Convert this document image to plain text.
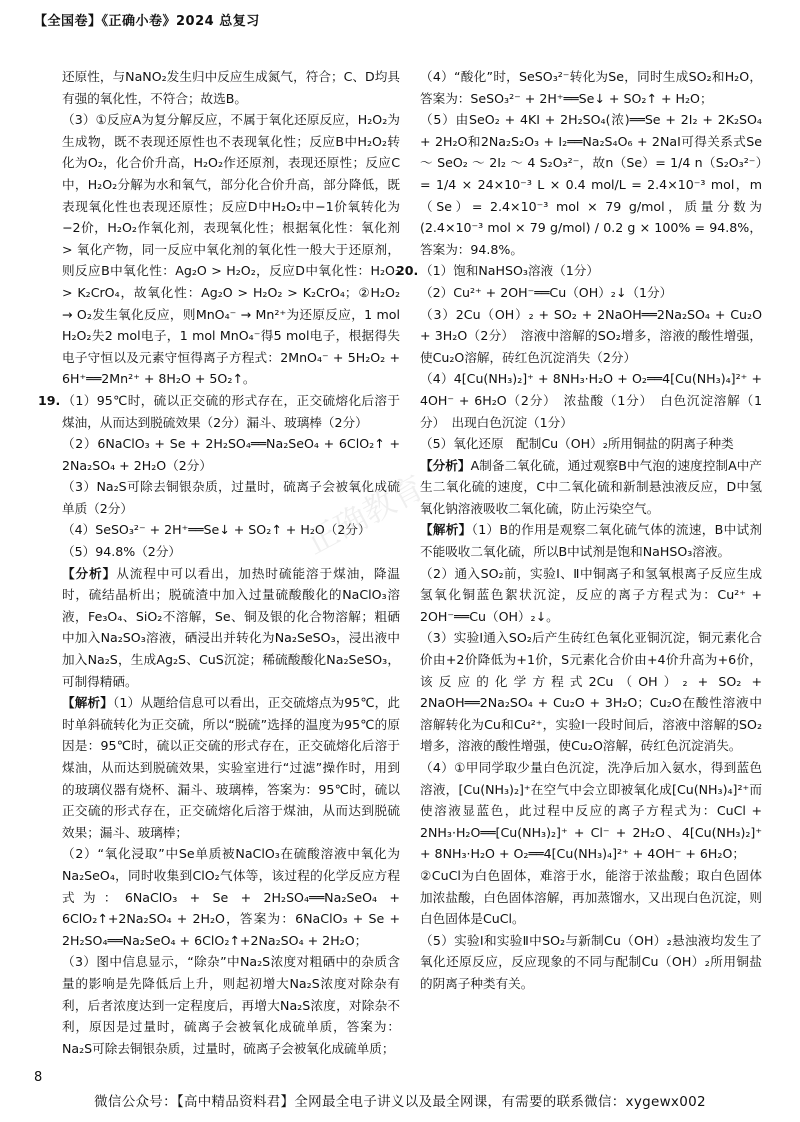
【全国卷】《正确小卷》2024 总复习

还原性，与NaNO₂发生归中反应生成氮气，符合；C、D均具有强的氧化性，不符合；故选B。

（3）①反应A为复分解反应，不属于氧化还原反应，H₂O₂为生成物，既不表现还原性也不表现氧化性；反应B中H₂O₂转化为O₂，化合价升高，H₂O₂作还原剂，表现还原性；反应C中，H₂O₂分解为水和氧气，部分化合价升高，部分降低，既表现氧化性也表现还原性；反应D中H₂O₂中−1价氧转化为−2价，H₂O₂作氧化剂，表现氧化性；根据氧化性：氧化剂 > 氧化产物，同一反应中氧化剂的氧化性一般大于还原剂，则反应B中氧化性：Ag₂O > H₂O₂，反应D中氧化性：H₂O₂ > K₂CrO₄，故氧化性：Ag₂O > H₂O₂ > K₂CrO₄；②H₂O₂ → O₂发生氧化反应，则MnO₄⁻ → Mn²⁺为还原反应，1 mol H₂O₂失2 mol电子，1 mol MnO₄⁻得5 mol电子，根据得失电子守恒以及元素守恒得离子方程式：2MnO₄⁻ + 5H₂O₂ + 6H⁺══2Mn²⁺ + 8H₂O + 5O₂↑。

19. （1）95℃时，硫以正交硫的形式存在，正交硫熔化后溶于煤油，从而达到脱硫效果（2分）漏斗、玻璃棒（2分）

（2）6NaClO₃ + Se + 2H₂SO₄══Na₂SeO₄ + 6ClO₂↑ + 2Na₂SO₄ + 2H₂O（2分）

（3）Na₂S可除去铜银杂质，过量时，硫离子会被氧化成硫单质（2分）

（4）SeSO₃²⁻ + 2H⁺══Se↓ + SO₂↑ + H₂O（2分）

（5）94.8%（2分）

【分析】从流程中可以看出，加热时硫能溶于煤油，降温时，硫结晶析出；脱硫渣中加入过量硫酸酸化的NaClO₃溶液，Fe₃O₄、SiO₂不溶解，Se、铜及银的化合物溶解；粗硒中加入Na₂SO₃溶液，硒浸出并转化为Na₂SeSO₃，浸出液中加入Na₂S，生成Ag₂S、CuS沉淀；稀硫酸酸化Na₂SeSO₃，可制得精硒。

【解析】（1）从题给信息可以看出，正交硫熔点为95℃，此时单斜硫转化为正交硫，所以“脱硫”选择的温度为95℃的原因是：95℃时，硫以正交硫的形式存在，正交硫熔化后溶于煤油，从而达到脱硫效果，实验室进行“过滤”操作时，用到的玻璃仪器有烧杯、漏斗、玻璃棒，答案为：95℃时，硫以正交硫的形式存在，正交硫熔化后溶于煤油，从而达到脱硫效果；漏斗、玻璃棒；

（2）“氧化浸取”中Se单质被NaClO₃在硫酸溶液中氧化为Na₂SeO₄，同时收集到ClO₂气体等，该过程的化学反应方程式为：6NaClO₃ + Se + 2H₂SO₄══Na₂SeO₄ + 6ClO₂↑+2Na₂SO₄ + 2H₂O，答案为：6NaClO₃ + Se + 2H₂SO₄══Na₂SeO₄ + 6ClO₂↑+2Na₂SO₄ + 2H₂O；

（3）图中信息显示，“除杂”中Na₂S浓度对粗硒中的杂质含量的影响是先降低后上升，则起初增大Na₂S浓度对除杂有利，后者浓度达到一定程度后，再增大Na₂S浓度，对除杂不利，原因是过量时，硫离子会被氧化成硫单质，答案为：Na₂S可除去铜银杂质，过量时，硫离子会被氧化成硫单质；

（4）“酸化”时，SeSO₃²⁻转化为Se，同时生成SO₂和H₂O，答案为：SeSO₃²⁻ + 2H⁺══Se↓ + SO₂↑ + H₂O；

（5）由SeO₂ + 4KI + 2H₂SO₄(浓)══Se + 2I₂ + 2K₂SO₄ + 2H₂O和2Na₂S₂O₃ + I₂══Na₂S₄O₆ + 2NaI可得关系式Se ～ SeO₂ ～ 2I₂ ～ 4 S₂O₃²⁻，故n（Se）= 1/4 n（S₂O₃²⁻）= 1/4 × 24×10⁻³ L × 0.4 mol/L = 2.4×10⁻³ mol，m（Se）= 2.4×10⁻³ mol × 79 g/mol，质量分数为 (2.4×10⁻³ mol × 79 g/mol) / 0.2 g × 100% = 94.8%，答案为：94.8%。

20. （1）饱和NaHSO₃溶液（1分）

（2）Cu²⁺ + 2OH⁻══Cu（OH）₂↓（1分）

（3）2Cu（OH）₂ + SO₂ + 2NaOH══2Na₂SO₄ + Cu₂O + 3H₂O（2分）　溶液中溶解的SO₂增多，溶液的酸性增强，使Cu₂O溶解，砖红色沉淀消失（2分）

（4）4[Cu(NH₃)₂]⁺ + 8NH₃·H₂O + O₂══4[Cu(NH₃)₄]²⁺ + 4OH⁻ + 6H₂O（2分）　浓盐酸（1分）　白色沉淀溶解（1分）　出现白色沉淀（1分）

（5）氧化还原　配制Cu（OH）₂所用铜盐的阴离子种类

【分析】A制备二氧化硫，通过观察B中气泡的速度控制A中产生二氧化硫的速度，C中二氧化硫和新制悬浊液反应，D中氢氧化钠溶液吸收二氧化硫，防止污染空气。

【解析】（1）B的作用是观察二氧化硫气体的流速，B中试剂不能吸收二氧化硫，所以B中试剂是饱和NaHSO₃溶液。

（2）通入SO₂前，实验Ⅰ、Ⅱ中铜离子和氢氧根离子反应生成氢氧化铜蓝色絮状沉淀，反应的离子方程式为：Cu²⁺ + 2OH⁻══Cu（OH）₂↓。

（3）实验Ⅰ通入SO₂后产生砖红色氧化亚铜沉淀，铜元素化合价由+2价降低为+1价，S元素化合价由+4价升高为+6价，该反应的化学方程式2Cu（OH）₂ + SO₂ + 2NaOH══2Na₂SO₄ + Cu₂O + 3H₂O；Cu₂O在酸性溶液中溶解转化为Cu和Cu²⁺，实验Ⅰ一段时间后，溶液中溶解的SO₂增多，溶液的酸性增强，使Cu₂O溶解，砖红色沉淀消失。

（4）①甲同学取少量白色沉淀，洗净后加入氨水，得到蓝色溶液，[Cu(NH₃)₂]⁺在空气中会立即被氧化成[Cu(NH₃)₄]²⁺而使溶液显蓝色，此过程中反应的离子方程式为：CuCl + 2NH₃·H₂O══[Cu(NH₃)₂]⁺ + Cl⁻ + 2H₂O、4[Cu(NH₃)₂]⁺ + 8NH₃·H₂O + O₂══4[Cu(NH₃)₄]²⁺ + 4OH⁻ + 6H₂O；

②CuCl为白色固体，难溶于水，能溶于浓盐酸；取白色固体加浓盐酸，白色固体溶解，再加蒸馏水，又出现白色沉淀，则白色固体是CuCl。

（5）实验Ⅰ和实验Ⅱ中SO₂与新制Cu（OH）₂悬浊液均发生了氧化还原反应，反应现象的不同与配制Cu（OH）₂所用铜盐的阴离子种类有关。

正确教育
8
微信公众号：【高中精品资料君】全网最全电子讲义以及最全网课，有需要的联系微信：xygewx002
